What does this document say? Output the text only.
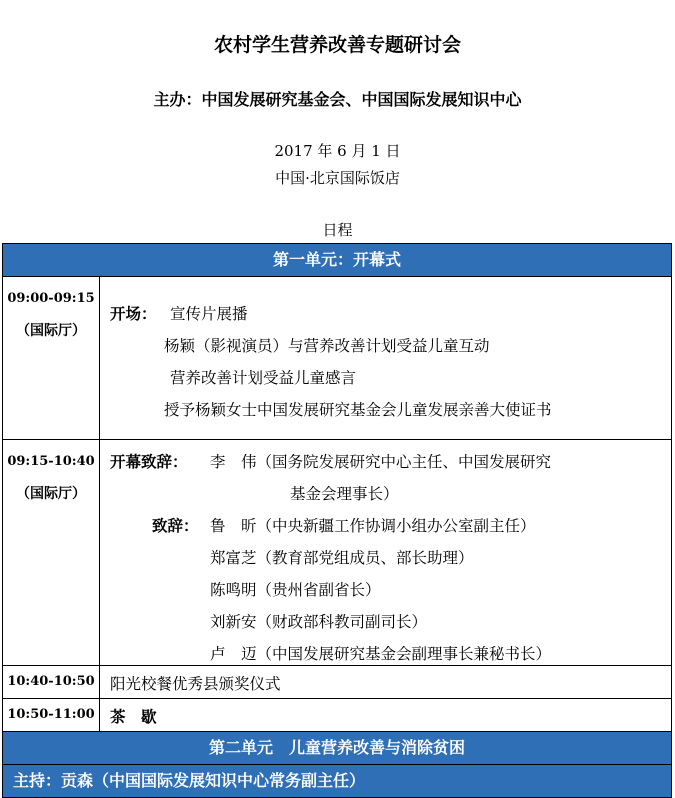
农村学生营养改善专题研讨会
主办：中国发展研究基金会、中国国际发展知识中心
2017 年 6 月 1 日
中国·北京国际饭店
日程
第一单元：开幕式
09:00-09:15
（国际厅）
开场： 宣传片展播
杨颖（影视演员）与营养改善计划受益儿童互动
营养改善计划受益儿童感言
授予杨颖女士中国发展研究基金会儿童发展亲善大使证书
09:15-10:40
（国际厅）
开幕致辞： 李　伟（国务院发展研究中心主任、中国发展研究
基金会理事长）
致辞： 鲁　昕（中央新疆工作协调小组办公室副主任）
郑富芝（教育部党组成员、部长助理）
陈鸣明（贵州省副省长）
刘新安（财政部科教司副司长）
卢　迈（中国发展研究基金会副理事长兼秘书长）
10:40-10:50 阳光校餐优秀县颁奖仪式
10:50-11:00 茶　歇
第二单元　儿童营养改善与消除贫困
主持：贡森（中国国际发展知识中心常务副主任）
